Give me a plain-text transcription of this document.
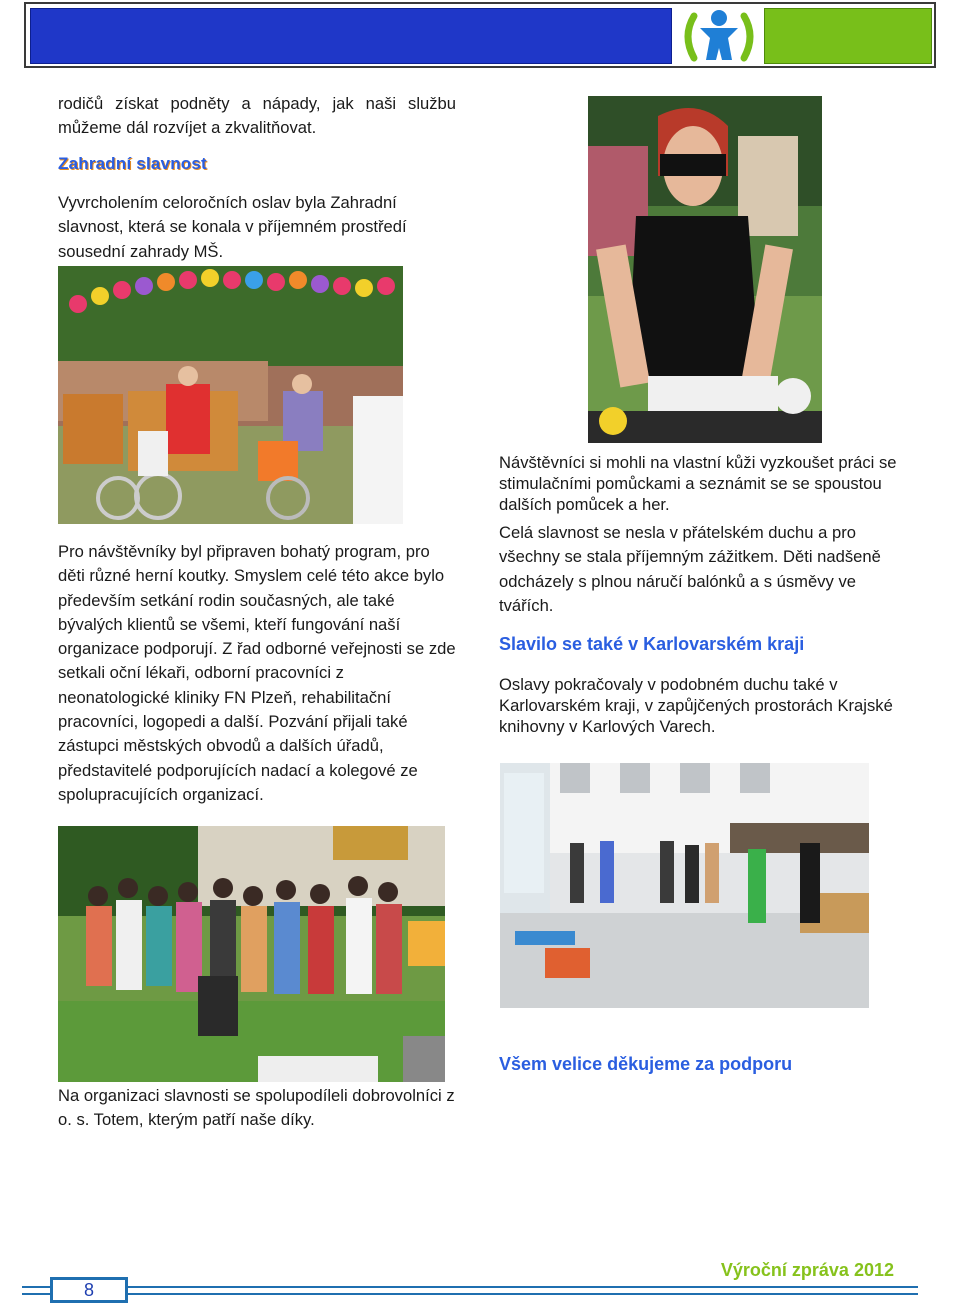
rodičů získat podněty a nápady, jak naši službu můžeme dál rozvíjet a zkvalitňovat.

Zahradní slavnost

Vyvrcholením celoročních oslav byla Zahradní slavnost, která se konala v příjemném prostředí sousední zahrady MŠ.

Pro návštěvníky byl připraven bohatý program, pro děti různé herní koutky. Smyslem celé této akce bylo především setkání rodin současných, ale také bývalých klientů se všemi, kteří fungování naší organizace podporují. Z řad odborné veřejnosti se zde setkali oční lékaři, odborní pracovníci z neonatologické kliniky FN Plzeň, rehabilitační pracovníci, logopedi a další. Pozvání přijali také zástupci městských obvodů a dalších úřadů, představitelé podporujících nadací a kolegové ze spolupracujících organizací.

Na organizaci slavnosti se spolupodíleli dobrovolníci z o. s. Totem, kterým patří naše díky.

Návštěvníci si mohli na vlastní kůži vyzkoušet práci se stimulačními pomůckami a seznámit se se spoustou dalších pomůcek a her.

Celá slavnost se nesla v přátelském duchu a pro všechny se stala příjemným zážitkem. Děti nadšeně odcházely s plnou náručí balónků a s úsměvy ve tvářích.

Slavilo se také v Karlovarském kraji

Oslavy pokračovaly v podobném duchu také v Karlovarském kraji, v zapůjčených prostorách Krajské knihovny v Karlových Varech.

Všem velice děkujeme za podporu
Výroční zpráva 2012
8
